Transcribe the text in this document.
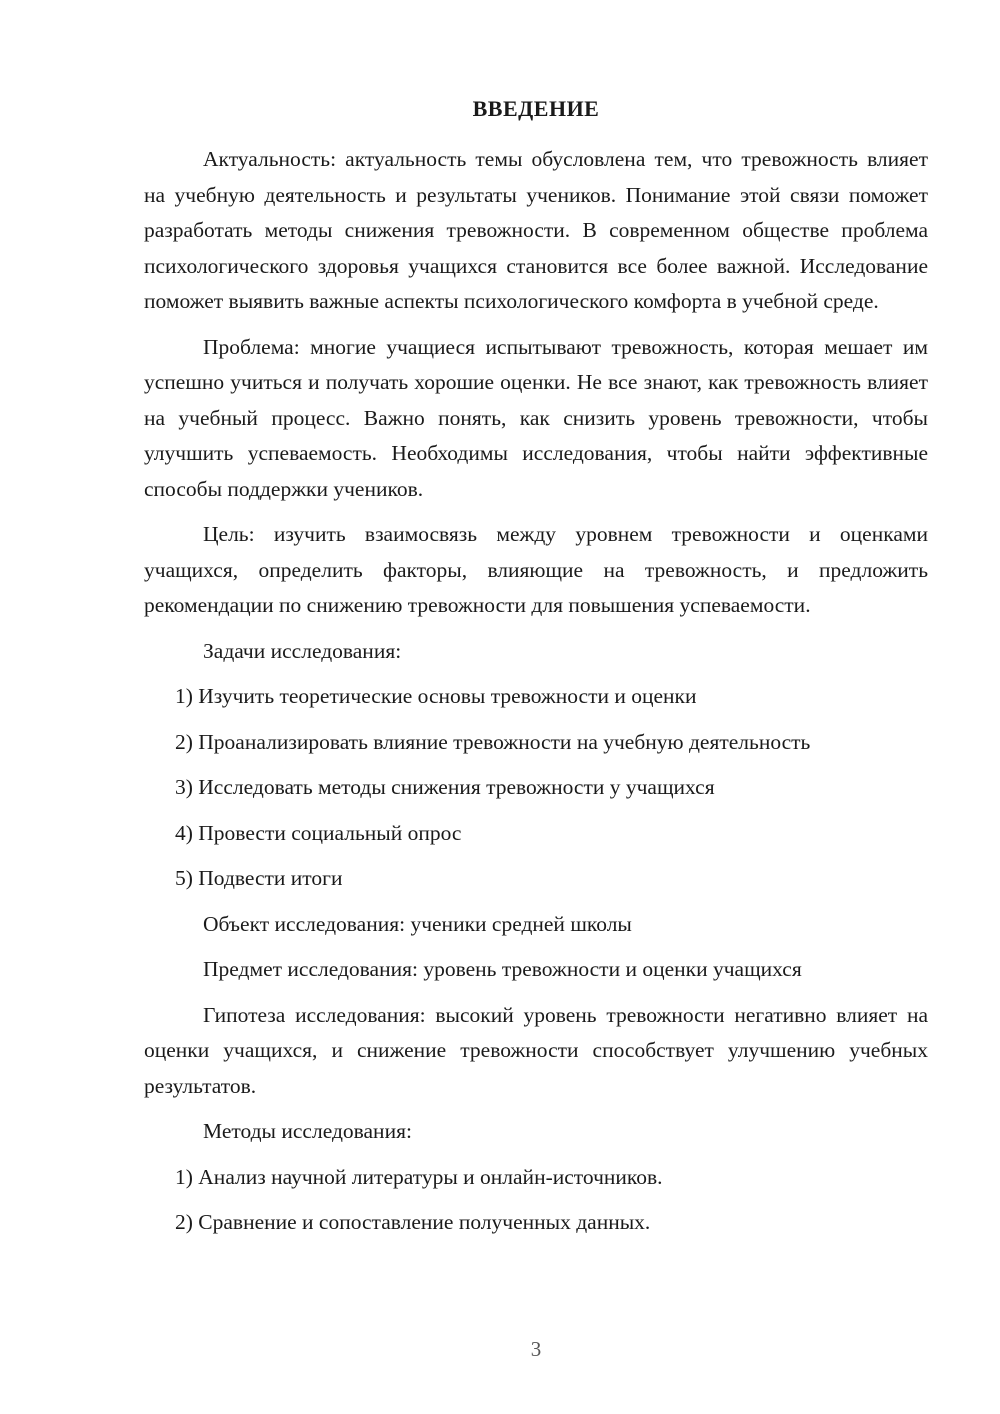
ВВЕДЕНИЕ

Актуальность: актуальность темы обусловлена тем, что тревожность влияет на учебную деятельность и результаты учеников. Понимание этой связи поможет разработать методы снижения тревожности. В современном обществе проблема психологического здоровья учащихся становится все более важной. Исследование поможет выявить важные аспекты психологического комфорта в учебной среде.

Проблема: многие учащиеся испытывают тревожность, которая мешает им успешно учиться и получать хорошие оценки. Не все знают, как тревожность влияет на учебный процесс. Важно понять, как снизить уровень тревожности, чтобы улучшить успеваемость. Необходимы исследования, чтобы найти эффективные способы поддержки учеников.

Цель: изучить взаимосвязь между уровнем тревожности и оценками учащихся, определить факторы, влияющие на тревожность, и предложить рекомендации по снижению тревожности для повышения успеваемости.

Задачи исследования:

1) Изучить теоретические основы тревожности и оценки

2) Проанализировать влияние тревожности на учебную деятельность

3) Исследовать методы снижения тревожности у учащихся

4) Провести социальный опрос

5) Подвести итоги

Объект исследования: ученики средней школы

Предмет исследования: уровень тревожности и оценки учащихся

Гипотеза исследования: высокий уровень тревожности негативно влияет на оценки учащихся, и снижение тревожности способствует улучшению учебных результатов.

Методы исследования:

1) Анализ научной литературы и онлайн-источников.

2) Сравнение и сопоставление полученных данных.

3
